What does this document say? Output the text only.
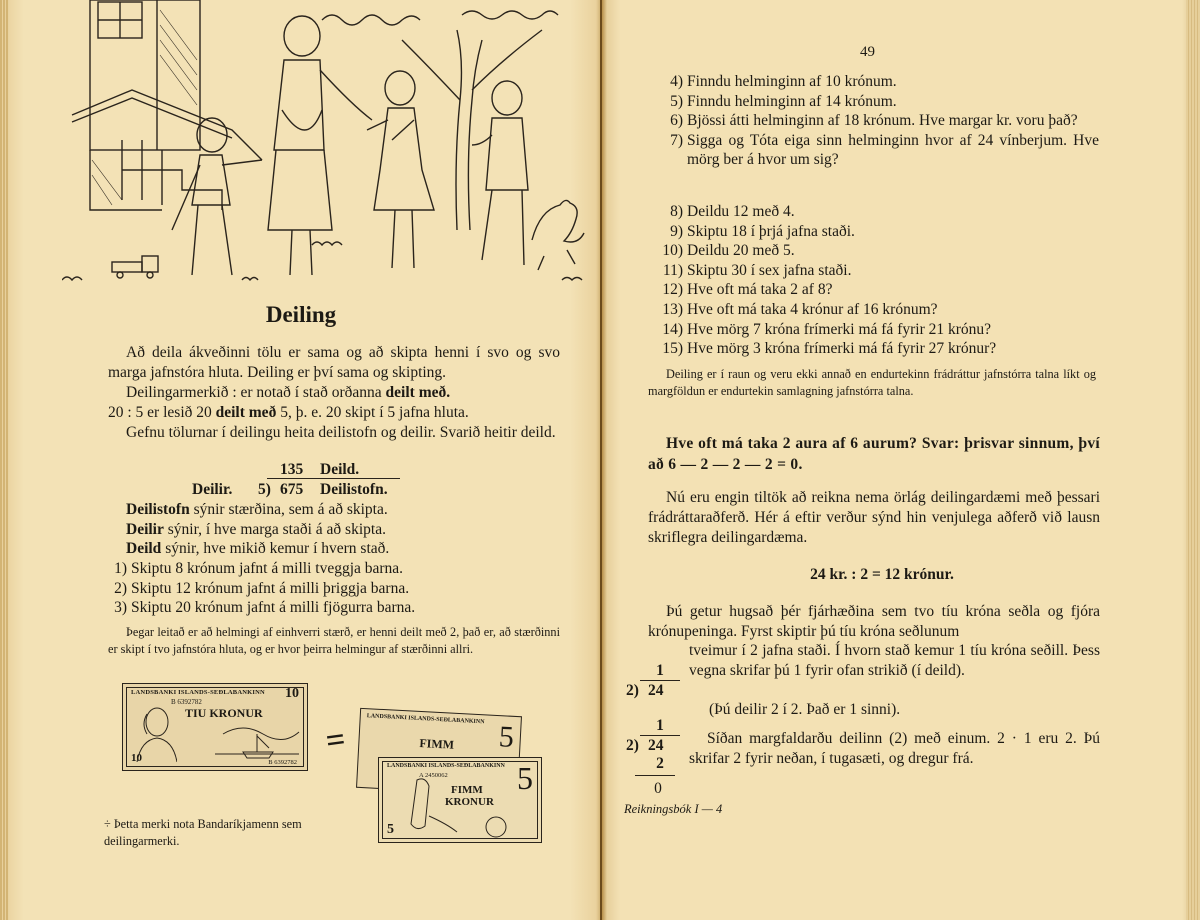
Deiling
Að deila ákveðinni tölu er sama og að skipta henni í svo og svo marga jafnstóra hluta. Deiling er því sama og skipting.
Deilingarmerkið : er notað í stað orðanna deilt með.
20 : 5 er lesið 20 deilt með 5, þ. e. 20 skipt í 5 jafna hluta.
Gefnu tölurnar í deilingu heita deilistofn og deilir. Svarið heitir deild.
135 Deild.
Deilir. 5) 675 Deilistofn.
Deilistofn sýnir stærðina, sem á að skipta.
Deilir sýnir, í hve marga staði á að skipta.
Deild sýnir, hve mikið kemur í hvern stað.
1) Skiptu 8 krónum jafnt á milli tveggja barna.
2) Skiptu 12 krónum jafnt á milli þriggja barna.
3) Skiptu 20 krónum jafnt á milli fjögurra barna.
Þegar leitað er að helmingi af einhverri stærð, er henni deilt með 2, það er, að stærðinni er skipt í tvo jafnstóra hluta, og er hvor þeirra helmingur af stærðinni allri.
LANDSBANKI ISLANDS-SEÐLABANKINN
B 6392782
TIU KRONUR
10
10	B 6392782
=
LANDSBANKI ISLANDS-SEÐLABANKINN
FIMM 5
LANDSBANKI ISLANDS-SEÐLABANKINN
A 2450062
FIMM
KRONUR
5
5
÷ Þetta merki nota Bandaríkjamenn sem deilingarmerki.
49
4) Finndu helminginn af 10 krónum.
5) Finndu helminginn af 14 krónum.
6) Bjössi átti helminginn af 18 krónum. Hve margar kr. voru það?
7) Sigga og Tóta eiga sinn helminginn hvor af 24 vínberjum. Hve mörg ber á hvor um sig?
8) Deildu 12 með 4.
9) Skiptu 18 í þrjá jafna staði.
10) Deildu 20 með 5.
11) Skiptu 30 í sex jafna staði.
12) Hve oft má taka 2 af 8?
13) Hve oft má taka 4 krónur af 16 krónum?
14) Hve mörg 7 króna frímerki má fá fyrir 21 krónu?
15) Hve mörg 3 króna frímerki má fá fyrir 27 krónur?
Deiling er í raun og veru ekki annað en endurtekinn frádráttur jafnstórra talna líkt og margföldun er endurtekin samlagning jafnstórra talna.
Hve oft má taka 2 aura af 6 aurum? Svar: þrisvar sinnum, því að 6 — 2 — 2 — 2 = 0.
Nú eru engin tiltök að reikna nema örlág deilingardæmi með þessari frádráttaraðferð. Hér á eftir verður sýnd hin venjulega aðferð við lausn skriflegra deilingardæma.
24 kr. : 2 = 12 krónur.
Þú getur hugsað þér fjárhæðina sem tvo tíu króna seðla og fjóra krónupeninga. Fyrst skiptir þú tíu króna seðlunum
tveimur í 2 jafna staði. Í hvorn stað kemur 1 tíu króna seðill. Þess vegna skrifar þú 1 fyrir ofan strikið (í deild).
(Þú deilir 2 í 2. Það er 1 sinni).
Síðan margfaldarðu deilinn (2) með einum. 2 · 1 eru 2. Þú skrifar 2 fyrir neðan, í tugasæti, og dregur frá.
1
2) 24
1
2) 24
2
0
Reikningsbók I — 4
